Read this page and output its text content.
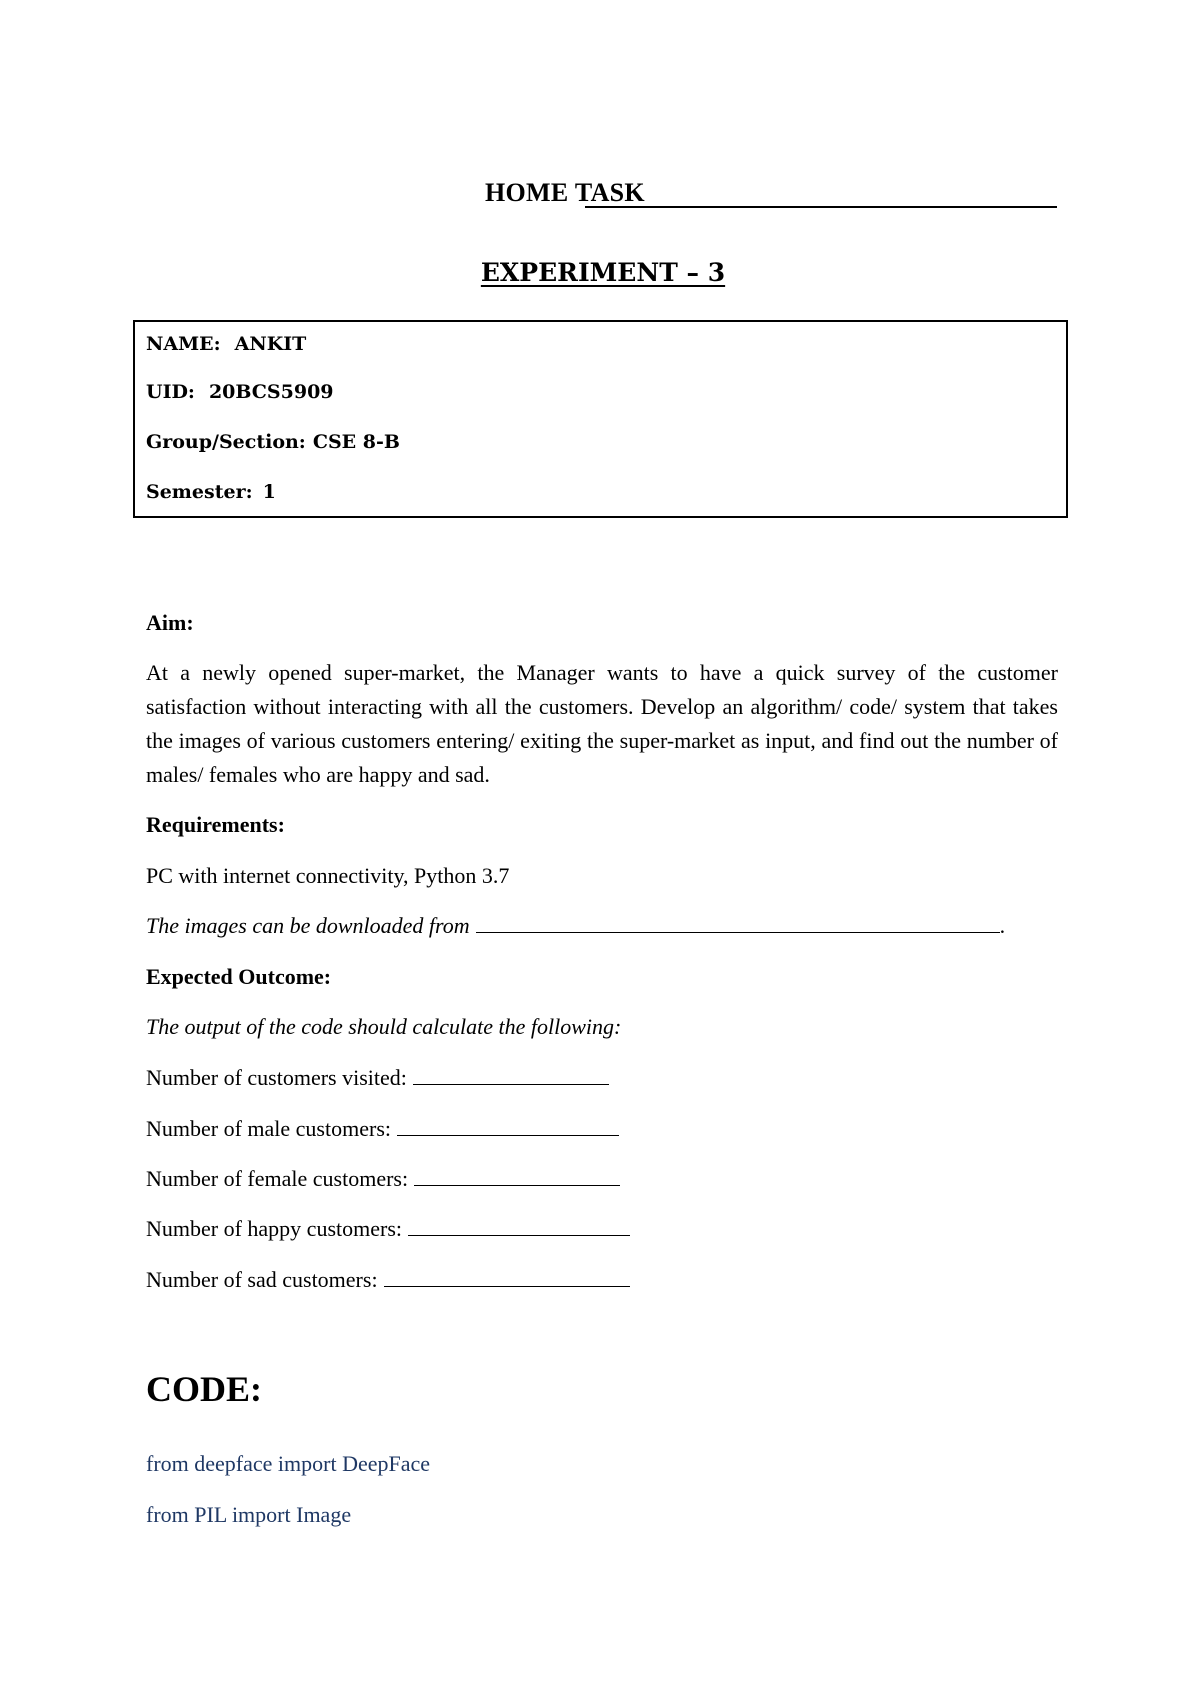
HOME TASK
EXPERIMENT – 3
NAME: ANKIT
UID: 20BCS5909
Group/Section: CSE 8-B
Semester: 1
Aim:
At a newly opened super-market, the Manager wants to have a quick survey of the customer satisfaction without interacting with all the customers. Develop an algorithm/ code/ system that takes the images of various customers entering/ exiting the super-market as input, and find out the number of males/ females who are happy and sad.
Requirements:
PC with internet connectivity, Python 3.7
The images can be downloaded from	.
Expected Outcome:
The output of the code should calculate the following:
Number of customers visited:
Number of male customers:
Number of female customers:
Number of happy customers:
Number of sad customers:
CODE:
from deepface import DeepFace
from PIL import Image
